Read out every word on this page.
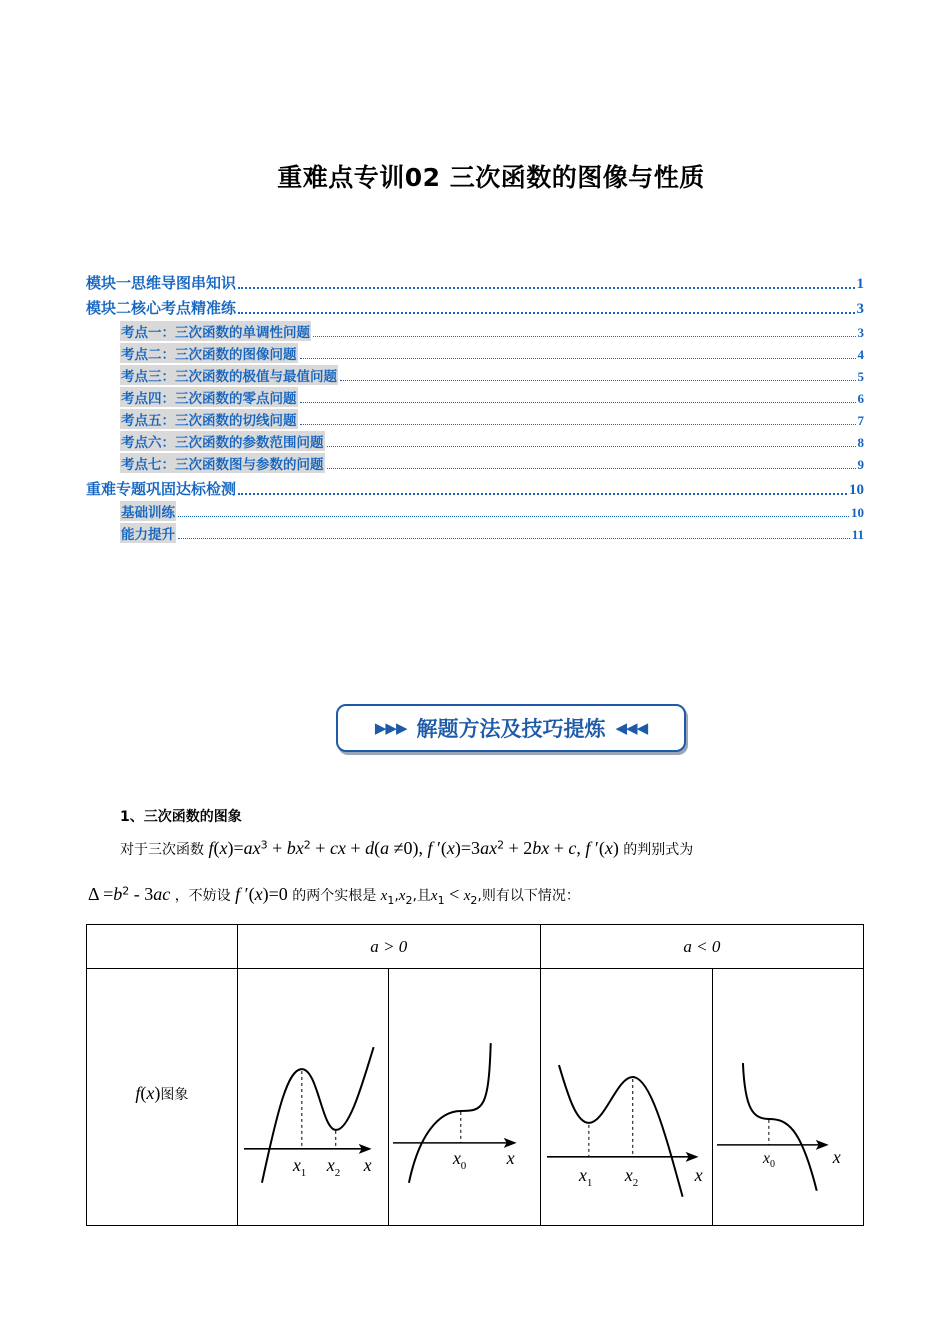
重难点专训02 三次函数的图像与性质
模块一思维导图串知识	1
模块二核心考点精准练	3
考点一：三次函数的单调性问题	3
考点二：三次函数的图像问题	4
考点三：三次函数的极值与最值问题	5
考点四：三次函数的零点问题	6
考点五：三次函数的切线问题	7
考点六：三次函数的参数范围问题	8
考点七：三次函数图与参数的问题	9
重难专题巩固达标检测	10
基础训练	10
能力提升	11
▶▶▶ 解题方法及技巧提炼 ◀◀◀
1、三次函数的图象
对于三次函数 $f(x)=ax^3 + bx^2$ + cx + d(a ≠0), f $'(x)=3ax^2 + 2bx + c$, f ′(x) 的判别式为
$\Delta =b^2 - 3ac$ ，不妨设 f ′(x)=0 的两个实根是 $x_1,x_2$,且$x_1 < x_2$,则有以下情况：
	a > 0		a < 0	
f(x)图象	$x_1$ $x_2$ x	$x_0$ x	$x_1$ $x_2$ x	$x_0$ x
